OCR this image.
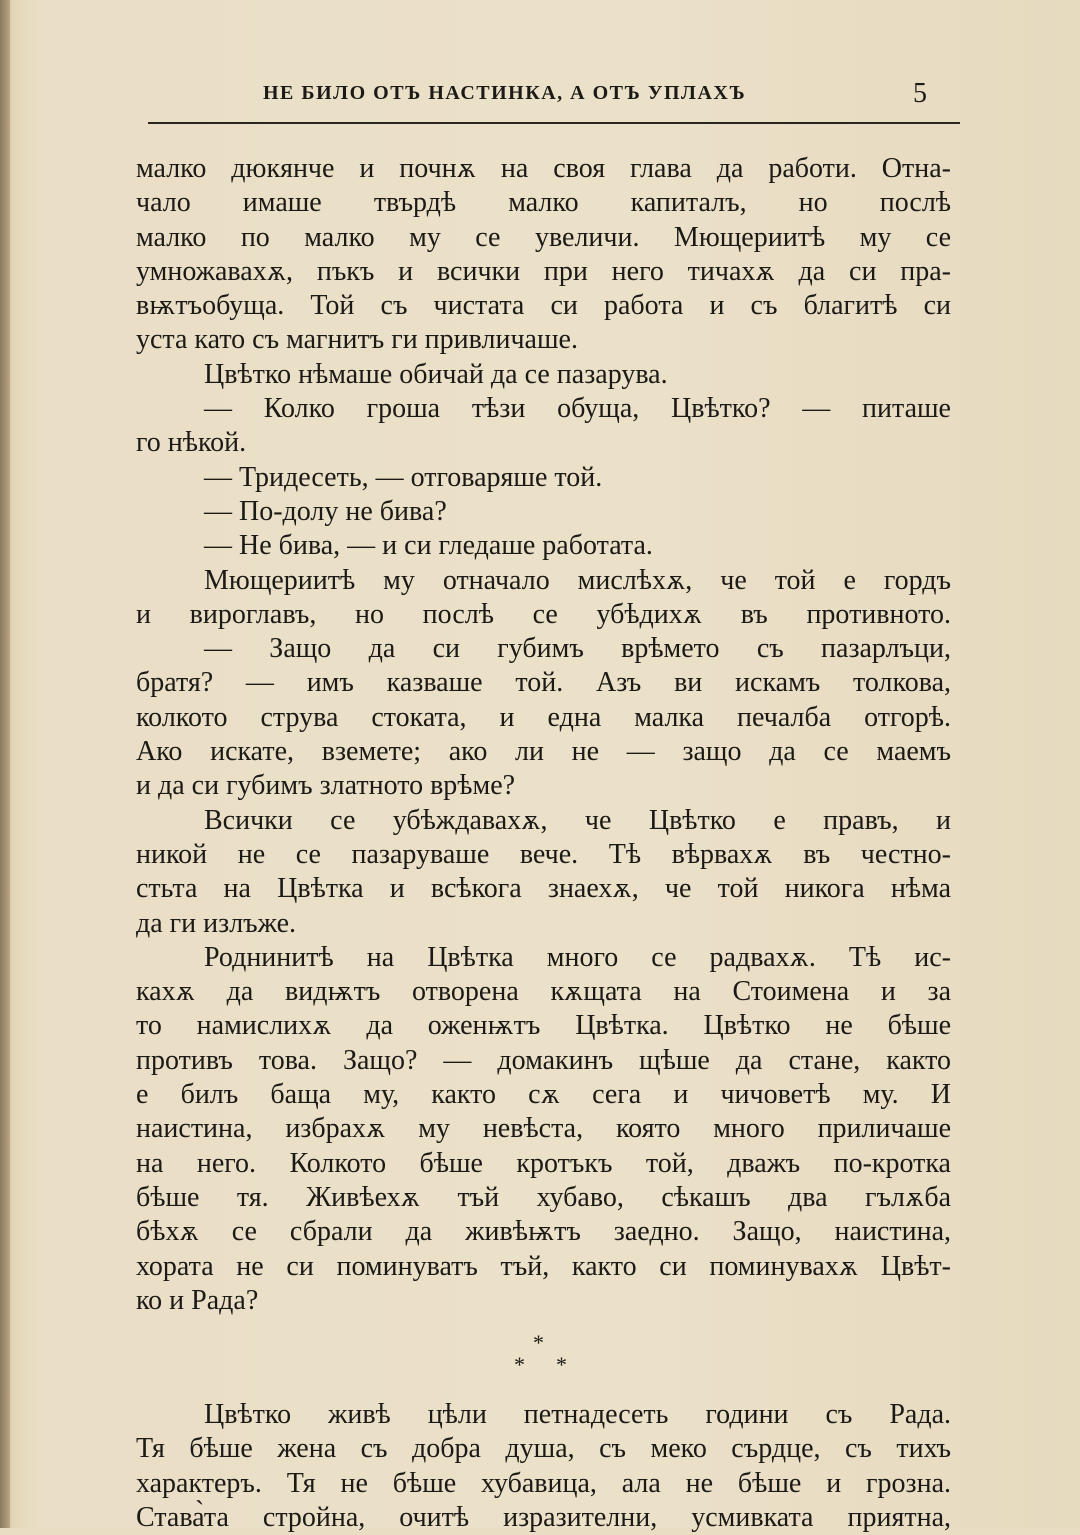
НЕ БИЛО ОТЪ НАСТИНКА, А ОТЪ УПЛАХЪ	5
малко дюкянче и почнѫ на своя глава да работи. Отна-
чало имаше твърдѣ малко капиталъ, но послѣ
малко по малко му се увеличи. Мющериитѣ му се
умножавахѫ, пъкъ и всички при него тичахѫ да си пра-
вѭтъобуща. Той съ чистата си работа и съ благитѣ си
уста като съ магнитъ ги привличаше.
Цвѣтко нѣмаше обичай да се пазарува.
— Колко гроша тѣзи обуща, Цвѣтко? — питаше
го нѣкой.
— Тридесеть, — отговаряше той.
— По-долу не бива?
— Не бива, — и си гледаше работата.
Мющериитѣ му отначало мислѣхѫ, че той е гордъ
и вироглавъ, но послѣ се убѣдихѫ въ противното.
— Защо да си губимъ врѣмето съ пазарлъци,
братя? — имъ казваше той. Азъ ви искамъ толкова,
колкото струва стоката, и една малка печалба отгорѣ.
Ако искате, вземете; ако ли не — защо да се маемъ
и да си губимъ златното врѣме?
Всички се убѣждавахѫ, че Цвѣтко е правъ, и
никой не се пазаруваше вече. Тѣ вѣрвахѫ въ честно-
стьта на Цвѣтка и всѣкога знаехѫ, че той никога нѣма
да ги излъже.
Роднинитѣ на Цвѣтка много се радвахѫ. Тѣ ис-
кахѫ да видѭтъ отворена кѫщата на Стоимена и за
то намислихѫ да оженѭтъ Цвѣтка. Цвѣтко не бѣше
противъ това. Защо? — домакинъ щѣше да стане, както
е билъ баща му, както сѫ сега и чичоветѣ му. И
наистина, избрахѫ му невѣста, която много приличаше
на него. Колкото бѣше кротъкъ той, дважъ по-кротка
бѣше тя. Живѣехѫ тъй хубаво, сѣкашъ два гълѫба
бѣхѫ се сбрали да живѣѭтъ заедно. Защо, наистина,
хората не си поминуватъ тъй, както си поминувахѫ Цвѣт-
ко и Рада?
*
* *
Цвѣтко живѣ цѣли петнадесеть години съ Рада.
Тя бѣше жена съ добра душа, съ меко сърдце, съ тихъ
характеръ. Тя не бѣше хубавица, ала не бѣше и грозна.
Става̀та стройна, очитѣ изразителни, усмивката приятна,
